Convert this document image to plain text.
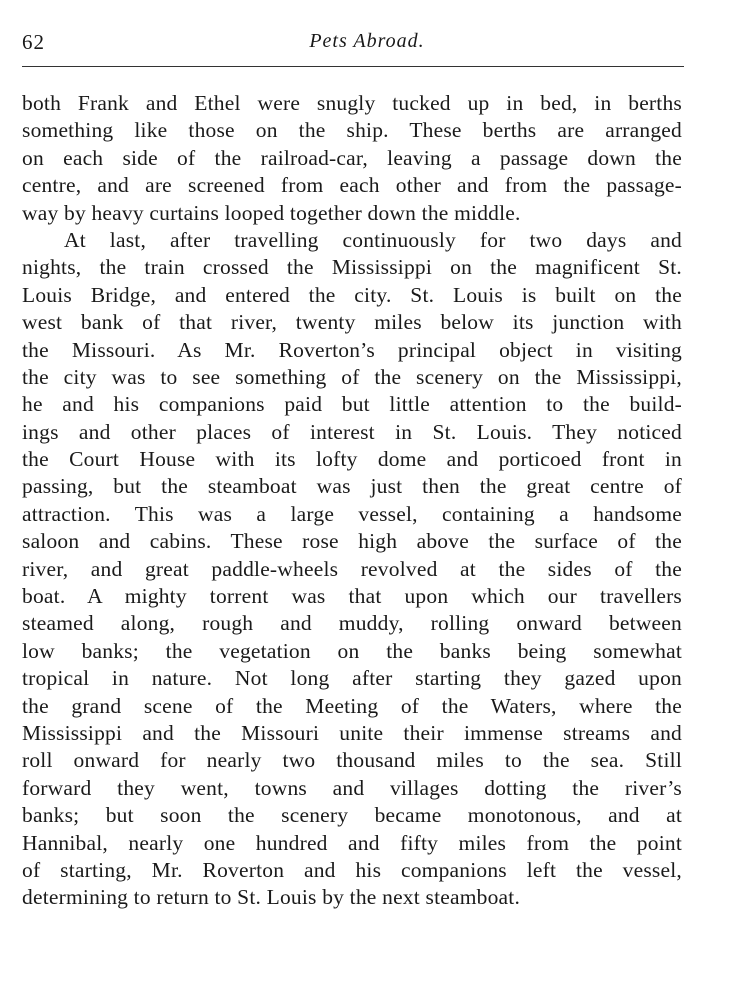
Pets Abroad.
62
both Frank and Ethel were snugly tucked up in bed, in berths
something like those on the ship. These berths are arranged
on each side of the railroad-car, leaving a passage down the
centre, and are screened from each other and from the passage-
way by heavy curtains looped together down the middle.
At last, after travelling continuously for two days and
nights, the train crossed the Mississippi on the magnificent St.
Louis Bridge, and entered the city. St. Louis is built on the
west bank of that river, twenty miles below its junction with
the Missouri. As Mr. Roverton’s principal object in visiting
the city was to see something of the scenery on the Mississippi,
he and his companions paid but little attention to the build-
ings and other places of interest in St. Louis. They noticed
the Court House with its lofty dome and porticoed front in
passing, but the steamboat was just then the great centre of
attraction. This was a large vessel, containing a handsome
saloon and cabins. These rose high above the surface of the
river, and great paddle-wheels revolved at the sides of the
boat. A mighty torrent was that upon which our travellers
steamed along, rough and muddy, rolling onward between
low banks; the vegetation on the banks being somewhat
tropical in nature. Not long after starting they gazed upon
the grand scene of the Meeting of the Waters, where the
Mississippi and the Missouri unite their immense streams and
roll onward for nearly two thousand miles to the sea. Still
forward they went, towns and villages dotting the river’s
banks; but soon the scenery became monotonous, and at
Hannibal, nearly one hundred and fifty miles from the point
of starting, Mr. Roverton and his companions left the vessel,
determining to return to St. Louis by the next steamboat.
